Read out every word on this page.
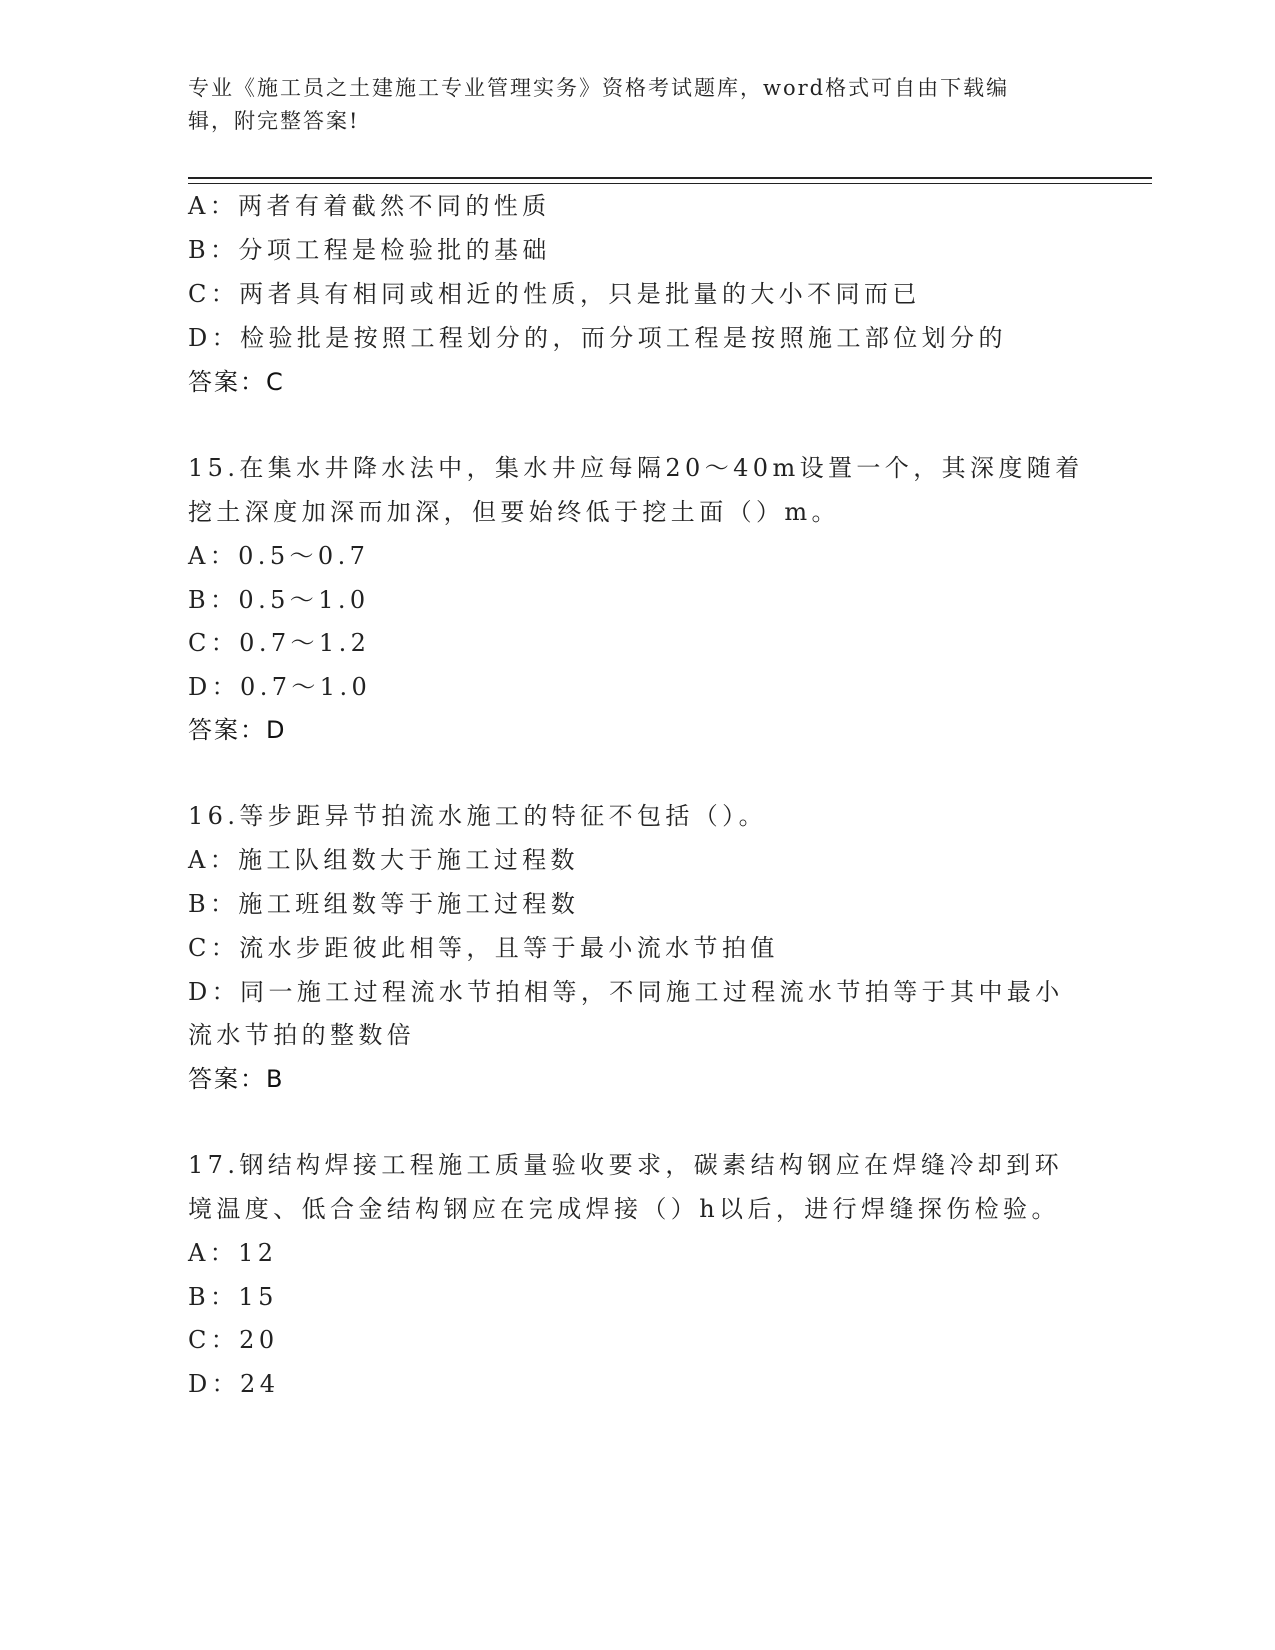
专业《施工员之土建施工专业管理实务》资格考试题库，word格式可自由下载编
辑，附完整答案!
A：两者有着截然不同的性质
B：分项工程是检验批的基础
C：两者具有相同或相近的性质，只是批量的大小不同而已
D：检验批是按照工程划分的，而分项工程是按照施工部位划分的
答案：C
15.在集水井降水法中，集水井应每隔20～40m设置一个，其深度随着
挖土深度加深而加深，但要始终低于挖土面（）m。
A：0.5～0.7
B：0.5～1.0
C：0.7～1.2
D：0.7～1.0
答案：D
16.等步距异节拍流水施工的特征不包括（）。
A：施工队组数大于施工过程数
B：施工班组数等于施工过程数
C：流水步距彼此相等，且等于最小流水节拍值
D：同一施工过程流水节拍相等，不同施工过程流水节拍等于其中最小
流水节拍的整数倍
答案：B
17.钢结构焊接工程施工质量验收要求，碳素结构钢应在焊缝冷却到环
境温度、低合金结构钢应在完成焊接（）h以后，进行焊缝探伤检验。
A：12
B：15
C：20
D：24
